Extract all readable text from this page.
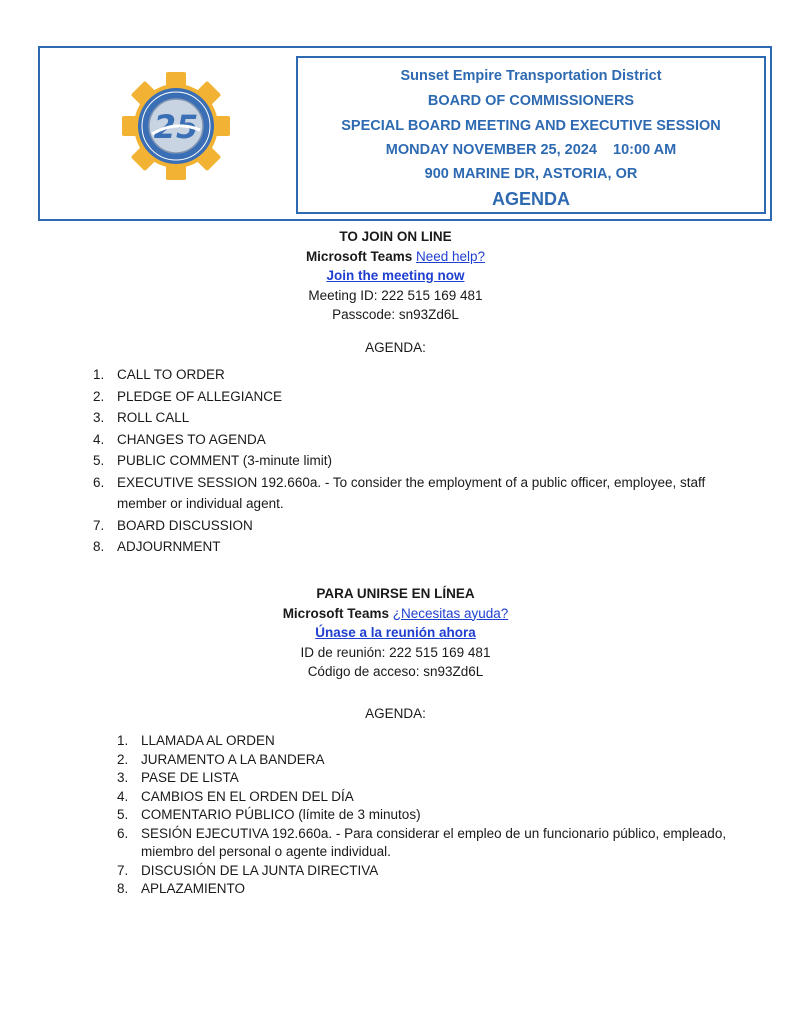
25
Sunset Empire Transportation District
BOARD OF COMMISSIONERS
SPECIAL BOARD MEETING AND EXECUTIVE SESSION
MONDAY NOVEMBER 25, 2024    10:00 AM
900 MARINE DR, ASTORIA, OR
AGENDA
TO JOIN ON LINE
Microsoft Teams Need help?
Join the meeting now
Meeting ID: 222 515 169 481
Passcode: sn93Zd6L
AGENDA:
1. CALL TO ORDER
2. PLEDGE OF ALLEGIANCE
3. ROLL CALL
4. CHANGES TO AGENDA
5. PUBLIC COMMENT (3-minute limit)
6. EXECUTIVE SESSION 192.660a. - To consider the employment of a public officer, employee, staff member or individual agent.
7. BOARD DISCUSSION
8. ADJOURNMENT
PARA UNIRSE EN LÍNEA
Microsoft Teams ¿Necesitas ayuda?
Únase a la reunión ahora
ID de reunión: 222 515 169 481
Código de acceso: sn93Zd6L
AGENDA:
1. LLAMADA AL ORDEN
2. JURAMENTO A LA BANDERA
3. PASE DE LISTA
4. CAMBIOS EN EL ORDEN DEL DÍA
5. COMENTARIO PÚBLICO (límite de 3 minutos)
6. SESIÓN EJECUTIVA 192.660a. - Para considerar el empleo de un funcionario público, empleado, miembro del personal o agente individual.
7. DISCUSIÓN DE LA JUNTA DIRECTIVA
8. APLAZAMIENTO
